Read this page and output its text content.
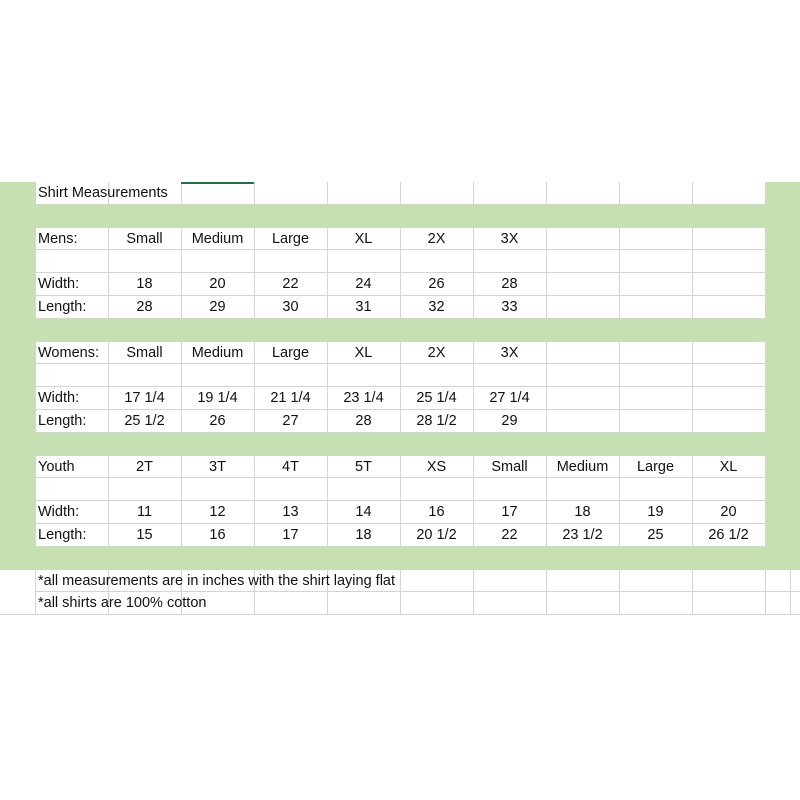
Shirt Measurements
Mens:	Small	Medium	Large	XL	2X	3X
Width:	18	20	22	24	26	28
Length:	28	29	30	31	32	33
Womens:	Small	Medium	Large	XL	2X	3X
Width:	17 1/4	19 1/4	21 1/4	23 1/4	25 1/4	27 1/4
Length:	25 1/2	26	27	28	28 1/2	29
Youth	2T	3T	4T	5T	XS	Small	Medium	Large	XL
Width:	11	12	13	14	16	17	18	19	20
Length:	15	16	17	18	20 1/2	22	23 1/2	25	26 1/2
*all measurements are in inches with the shirt laying flat
*all shirts are 100% cotton
